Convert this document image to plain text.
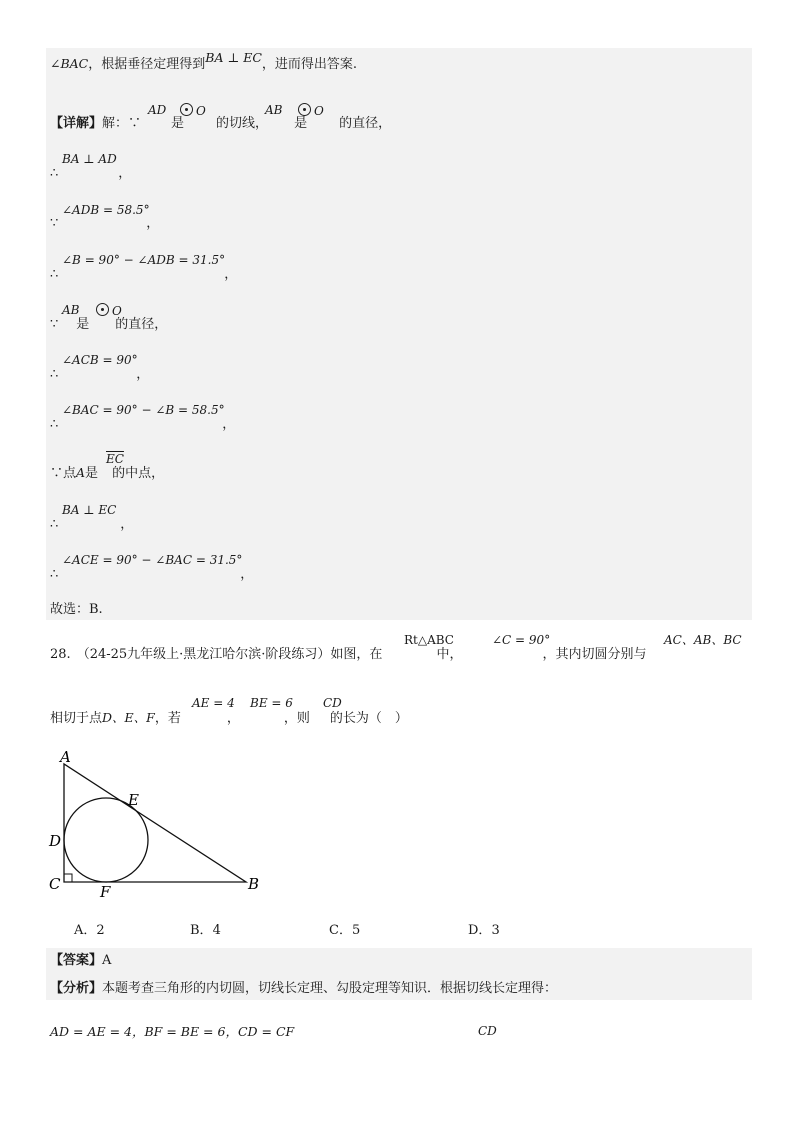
∠BAC，根据垂径定理得到BA ⊥ EC，进而得出答案.
AD	O	AB	O
【详解】解：∵ 是 的切线， 是 的直径，
BA ⊥ AD
∴	，
∠ADB = 58.5°
∵	，
∠B = 90° − ∠ADB = 31.5°
∴	，
AB	O
∵ 是 的直径，
∠ACB = 90°
∴	，
∠BAC = 90° − ∠B = 58.5°
∴	，
$\overline{EC}$
∵点A是 的中点，
BA ⊥ EC
∴	，
∠ACE = 90° − ∠BAC = 31.5°
∴	，
故选：B.
Rt△ABC	∠C = 90°	AC、AB、BC
28. （24-25九年级上·黑龙江哈尔滨·阶段练习）如图，在	中，	，其内切圆分别与
AE = 4 BE = 6	CD
相切于点D、E、F，若	，	，则 的长为（　）
A
E
D
C	F	B
A．2	B．4	C．5	D．3
【答案】A
【分析】本题考查三角形的内切圆，切线长定理、勾股定理等知识．根据切线长定理得：
AD = AE = 4，BF = BE = 6，CD = CF	CD
